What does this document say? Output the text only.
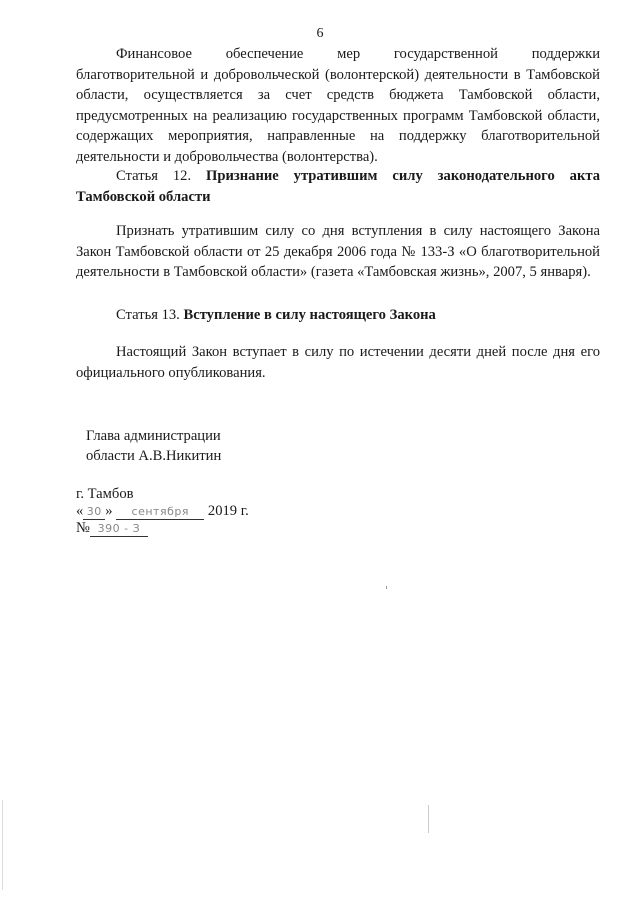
6
Финансовое обеспечение мер государственной поддержки благотворительной и добровольческой (волонтерской) деятельности в Тамбовской области, осуществляется за счет средств бюджета Тамбовской области, предусмотренных на реализацию государственных программ Тамбовской области, содержащих мероприятия, направленные на поддержку благотворительной деятельности и добровольчества (волонтерства).
Статья 12. Признание утратившим силу законодательного акта Тамбовской области
Признать утратившим силу со дня вступления в силу настоящего Закона Закон Тамбовской области от 25 декабря 2006 года № 133-З «О благотворительной деятельности в Тамбовской области» (газета «Тамбовская жизнь», 2007, 5 января).
Статья 13. Вступление в силу настоящего Закона
Настоящий Закон вступает в силу по истечении десяти дней после дня его официального опубликования.
Глава администрации
области А.В.Никитин
г. Тамбов
« 30 » сентября 2019 г.
№ 390 - З
